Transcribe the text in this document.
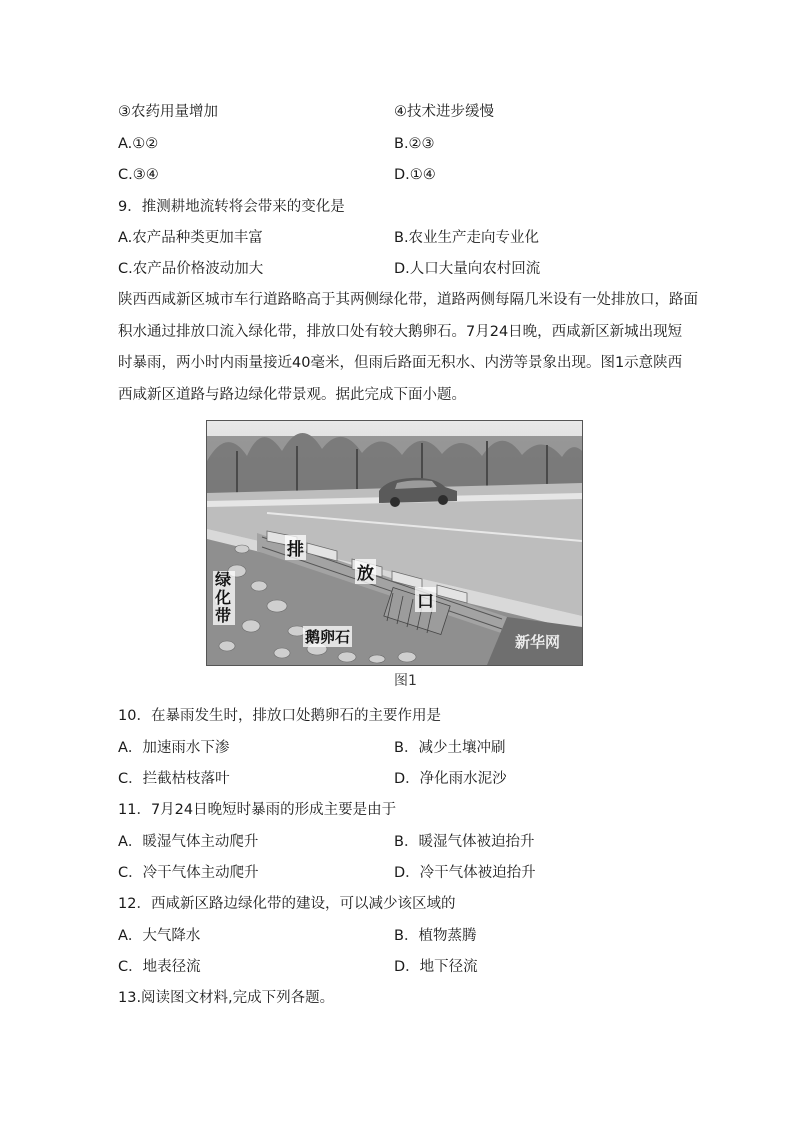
③农药用量增加	④技术进步缓慢
A.①②	B.②③
C.③④	D.①④
9．推测耕地流转将会带来的变化是
A.农产品种类更加丰富	B.农业生产走向专业化
C.农产品价格波动加大	D.人口大量向农村回流
陕西西咸新区城市车行道路略高于其两侧绿化带，道路两侧每隔几米设有一处排放口，路面
积水通过排放口流入绿化带，排放口处有较大鹅卵石。7月24日晚，西咸新区新城出现短
时暴雨，两小时内雨量接近40毫米，但雨后路面无积水、内涝等景象出现。图1示意陕西
西咸新区道路与路边绿化带景观。据此完成下面小题。
排
放
口
绿化带
鹅卵石	新华网
图1
10．在暴雨发生时，排放口处鹅卵石的主要作用是
A．加速雨水下渗	B．减少土壤冲刷
C．拦截枯枝落叶	D．净化雨水泥沙
11．7月24日晚短时暴雨的形成主要是由于
A．暖湿气体主动爬升	B．暖湿气体被迫抬升
C．冷干气体主动爬升	D．冷干气体被迫抬升
12．西咸新区路边绿化带的建设，可以减少该区域的
A．大气降水	B．植物蒸腾
C．地表径流	D．地下径流
13.阅读图文材料,完成下列各题。
